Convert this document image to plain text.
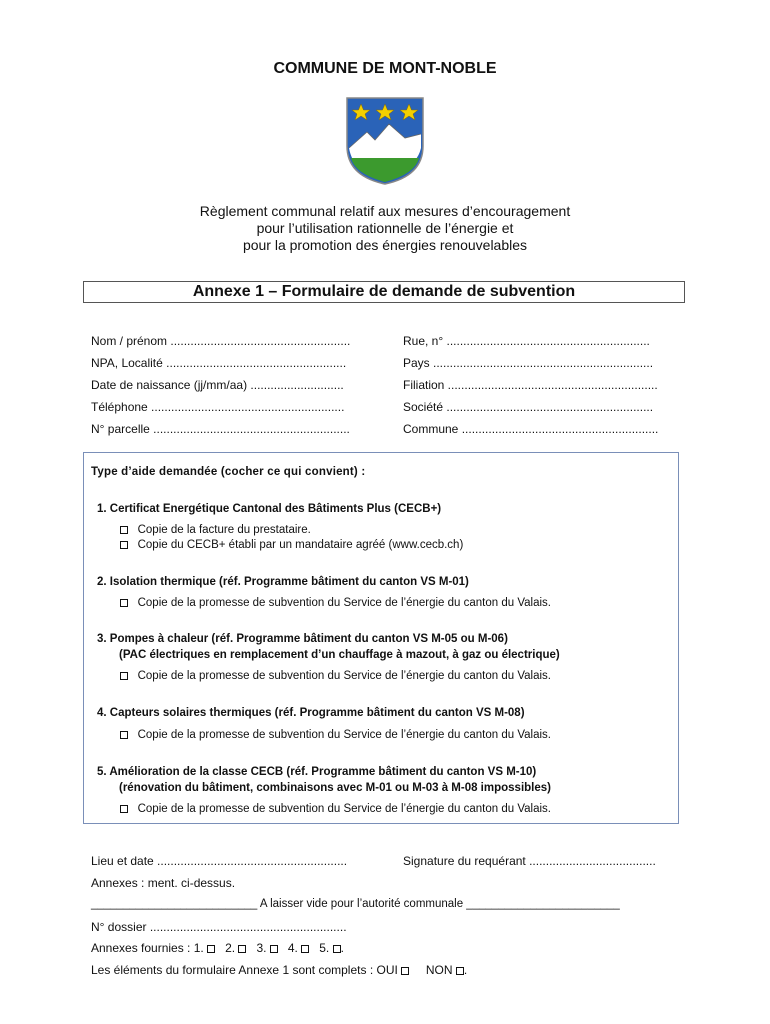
COMMUNE DE MONT-NOBLE
Règlement communal relatif aux mesures d’encouragement
pour l’utilisation rationnelle de l’énergie et
pour la promotion des énergies renouvelables
Annexe 1 – Formulaire de demande de subvention
Nom / prénom ......................................................
NPA, Localité ......................................................
Date de naissance (jj/mm/aa) ............................
Téléphone ..........................................................
N° parcelle ...........................................................
Rue, n° .............................................................
Pays ..................................................................
Filiation ...............................................................
Société ..............................................................
Commune ...........................................................
Type d’aide demandée (cocher ce qui convient) :
1. Certificat Energétique Cantonal des Bâtiments Plus (CECB+)
Copie de la facture du prestataire.
Copie du CECB+ établi par un mandataire agréé (www.cecb.ch)
2. Isolation thermique (réf. Programme bâtiment du canton VS M-01)
Copie de la promesse de subvention du Service de l’énergie du canton du Valais.
3. Pompes à chaleur (réf. Programme bâtiment du canton VS M-05 ou M-06)
(PAC électriques en remplacement d’un chauffage à mazout, à gaz ou électrique)
Copie de la promesse de subvention du Service de l’énergie du canton du Valais.
4. Capteurs solaires thermiques (réf. Programme bâtiment du canton VS M-08)
Copie de la promesse de subvention du Service de l’énergie du canton du Valais.
5. Amélioration de la classe CECB (réf. Programme bâtiment du canton VS M-10)
(rénovation du bâtiment, combinaisons avec M-01 ou M-03 à M-08 impossibles)
Copie de la promesse de subvention du Service de l’énergie du canton du Valais.
Lieu et date .........................................................	Signature du requérant ......................................
Annexes : ment. ci-dessus.
__________________________ A laisser vide pour l’autorité communale ________________________
N° dossier ...........................................................
Annexes fournies : 1. 2. 3. 4. 5. .
Les éléments du formulaire Annexe 1 sont complets : OUI NON .
